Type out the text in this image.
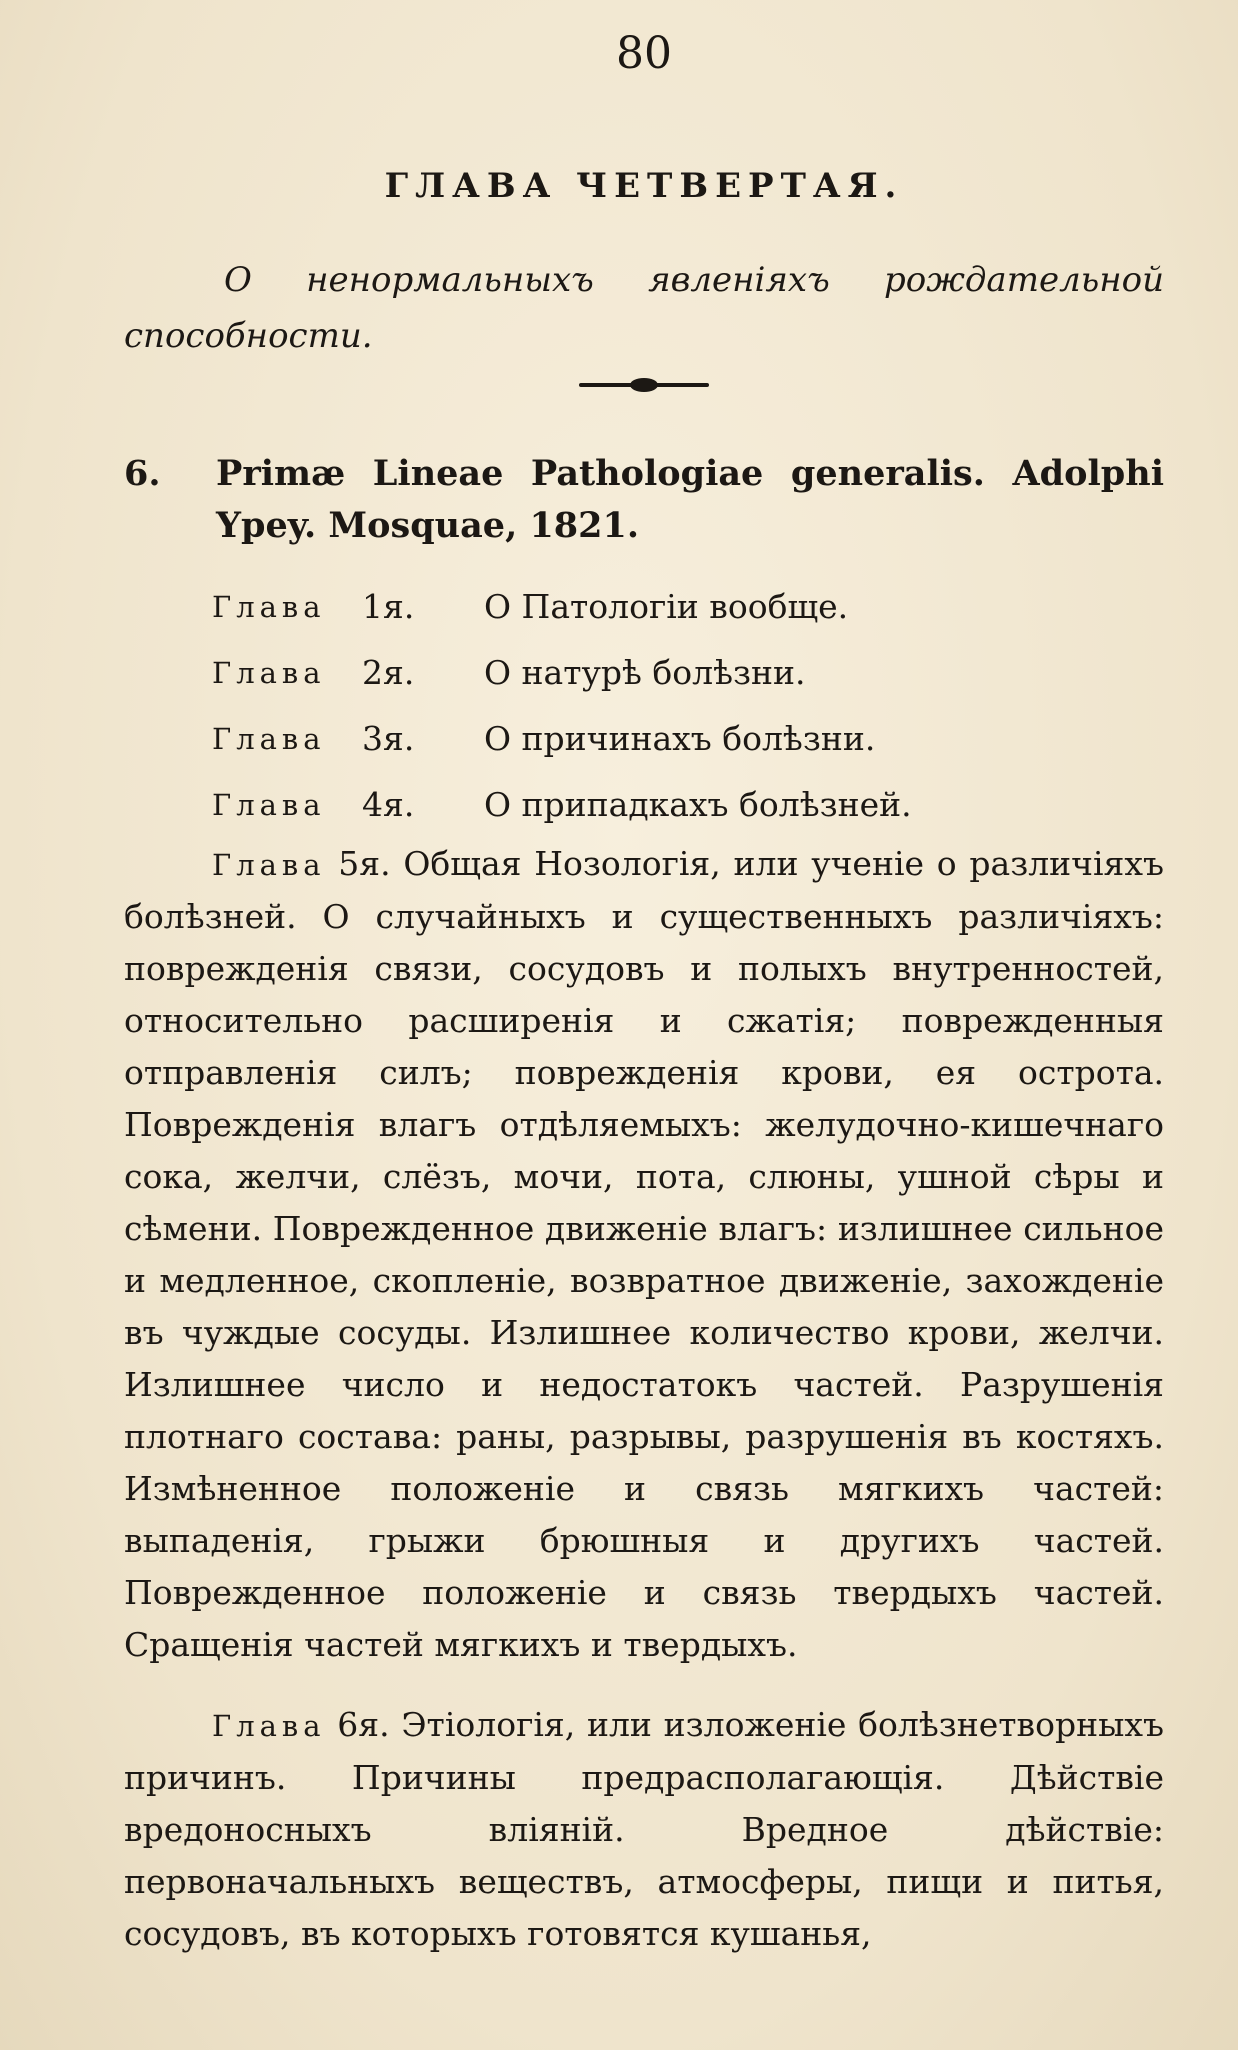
80
ГЛАВА ЧЕТВЕРТАЯ.
О ненормальныхъ явленіяхъ рождательной способности.
6.	Primæ Lineae Pathologiae generalis. Adolphi Ypey. Mosquae, 1821.
Глава	1я.	О Патологіи вообще.
Глава	2я.	О натурѣ болѣзни.
Глава	3я.	О причинахъ болѣзни.
Глава	4я.	О припадкахъ болѣзней.
Глава 5я. Общая Нозологія, или ученіе о различіяхъ болѣзней. О случайныхъ и существенныхъ различіяхъ: поврежденія связи, сосудовъ и полыхъ внутренностей, относительно расширенія и сжатія; поврежденныя отправленія силъ; поврежденія крови, ея острота. Поврежденія влагъ отдѣляемыхъ: желудочно-кишечнаго сока, желчи, слёзъ, мочи, пота, слюны, ушной сѣры и сѣмени. Поврежденное движеніе влагъ: излишнее сильное и медленное, скопленіе, возвратное движеніе, захожденіе въ чуждые сосуды. Излишнее количество крови, желчи. Излишнее число и недостатокъ частей. Разрушенія плотнаго состава: раны, разрывы, разрушенія въ костяхъ. Измѣненное положеніе и связь мягкихъ частей: выпаденія, грыжи брюшныя и другихъ частей. Поврежденное положеніе и связь твердыхъ частей. Сращенія частей мягкихъ и твердыхъ.
Глава 6я. Этіологія, или изложеніе болѣзнетворныхъ причинъ. Причины предрасполагающія. Дѣйствіе вредоносныхъ вліяній. Вредное дѣйствіе: первоначальныхъ веществъ, атмосферы, пищи и питья, сосудовъ, въ которыхъ готовятся кушанья,
